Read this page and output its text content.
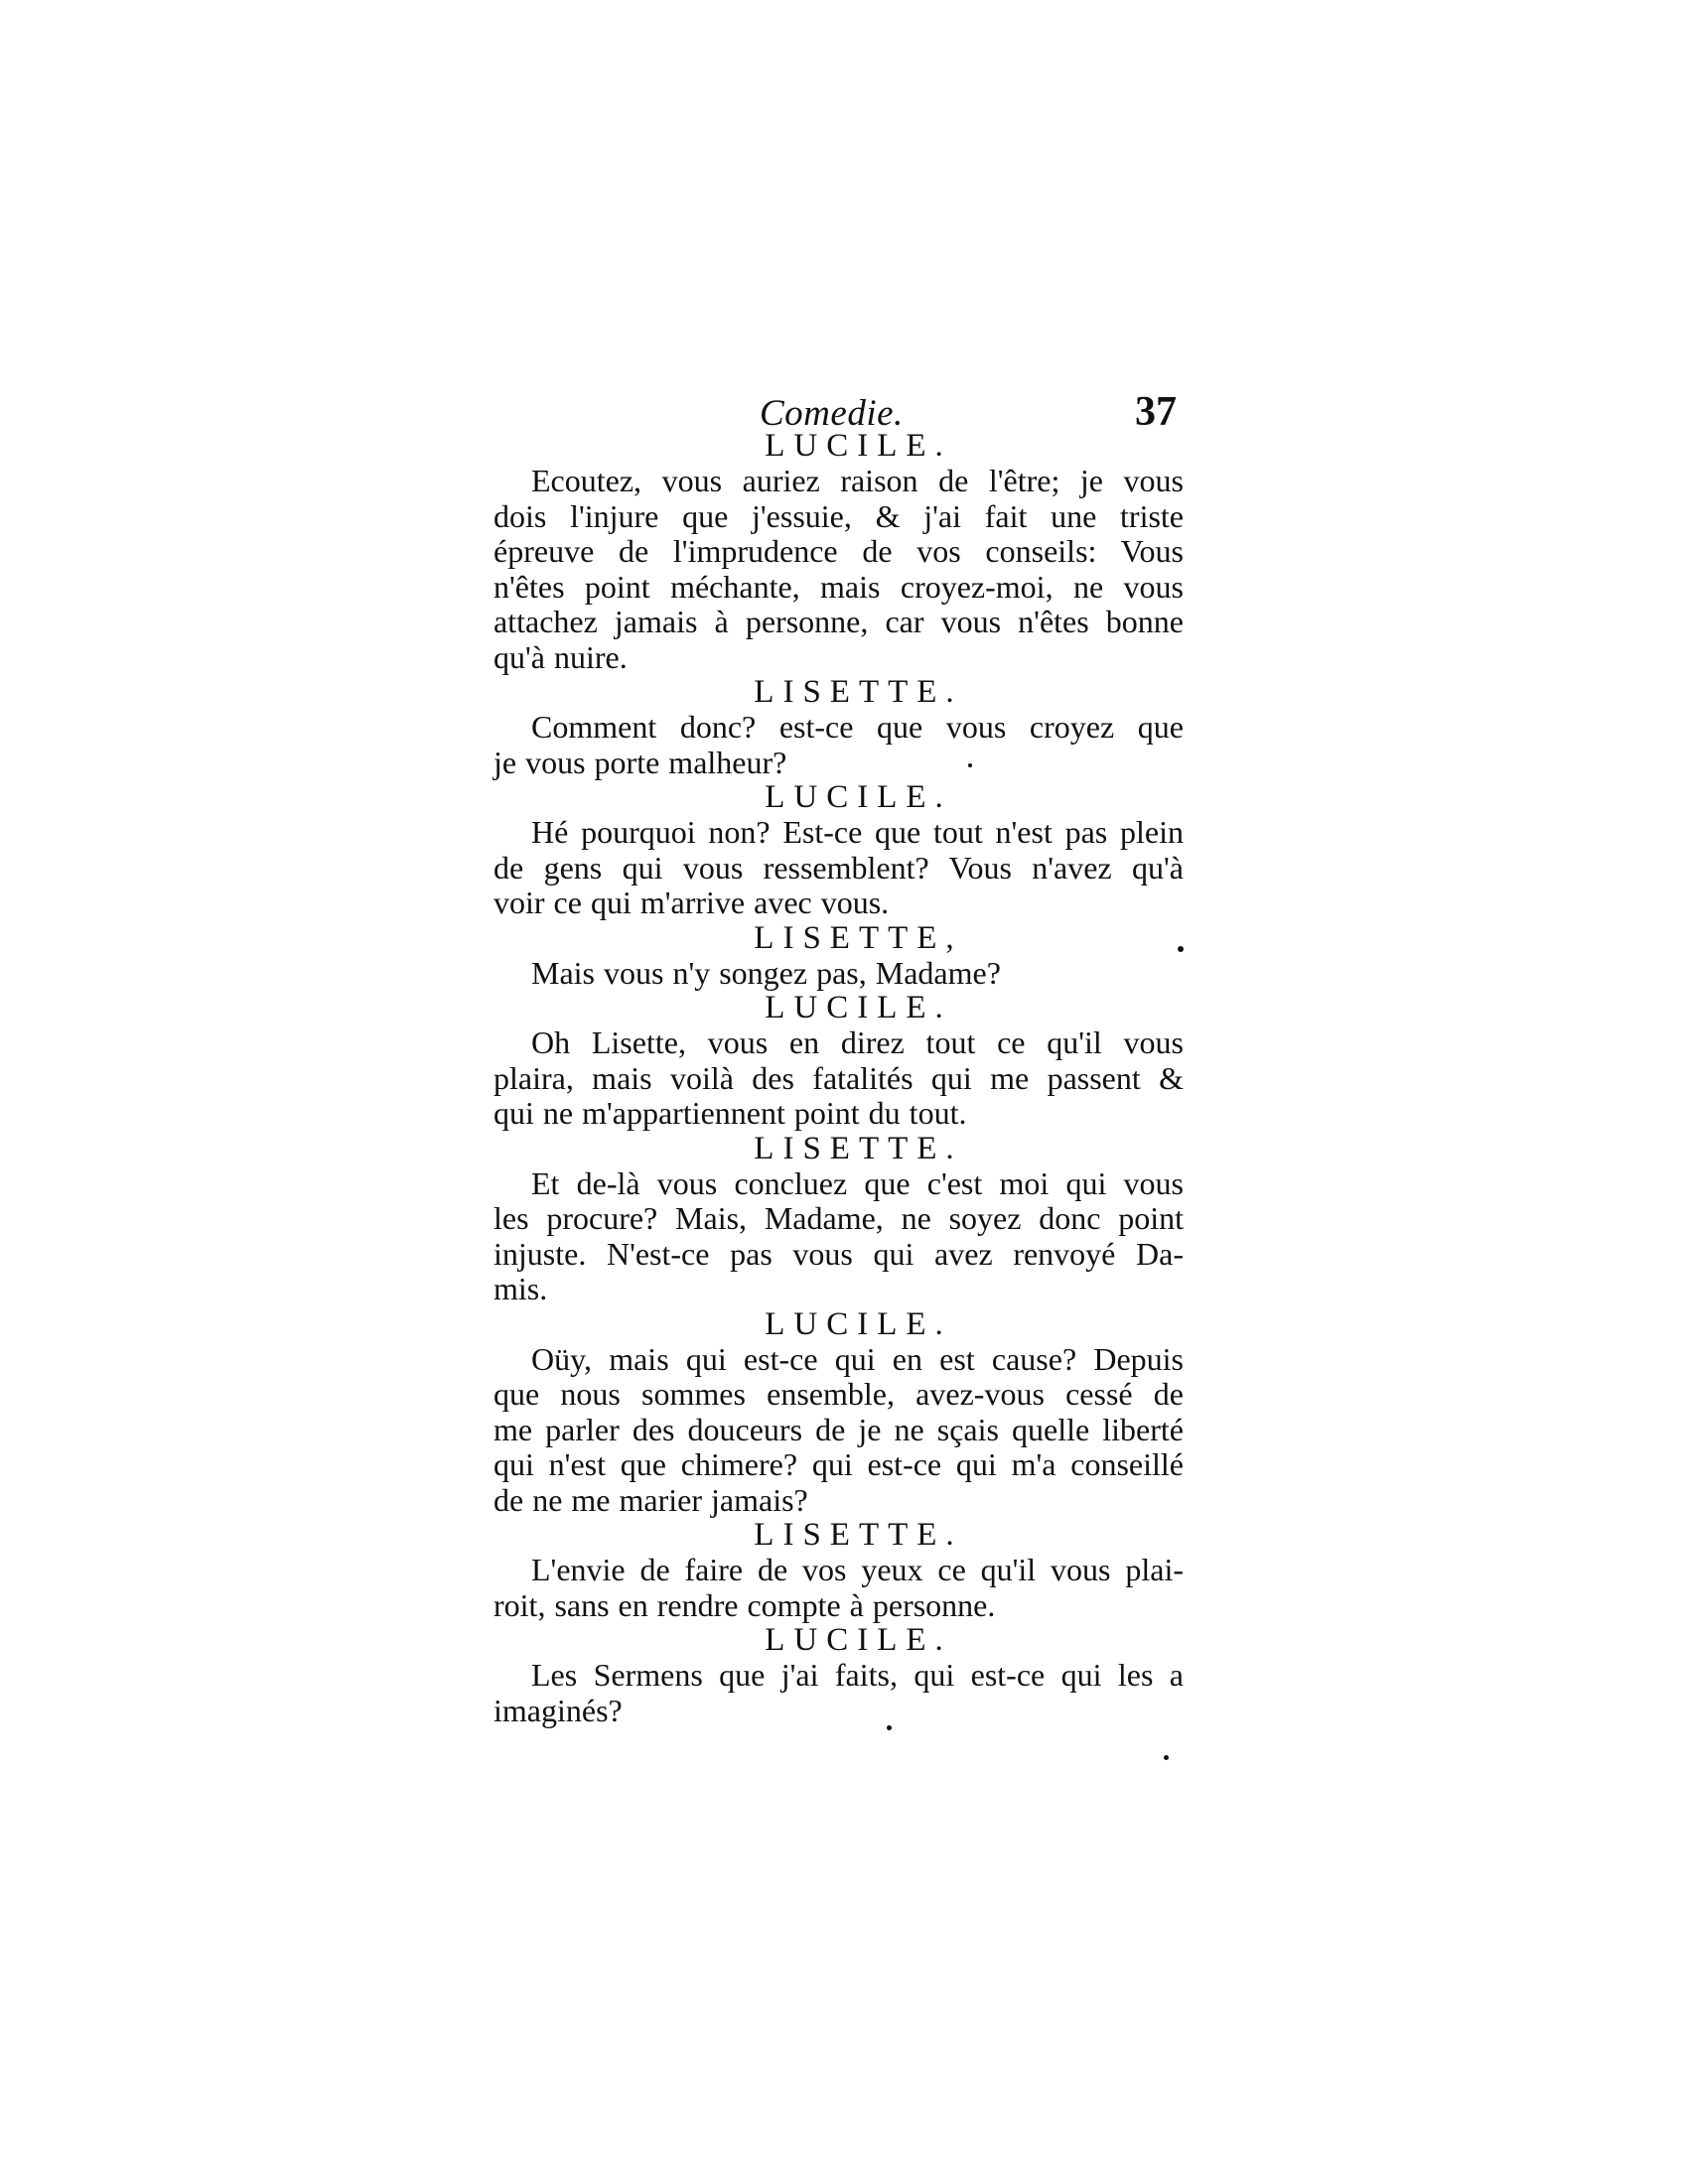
Comedie.	37

LUCILE.

Ecoutez, vous auriez raison de l'être; je vous
dois l'injure que j'essuie, & j'ai fait une triste
épreuve de l'imprudence de vos conseils: Vous
n'êtes point méchante, mais croyez-moi, ne vous
attachez jamais à personne, car vous n'êtes bonne
qu'à nuire.

LISETTE.

Comment donc? est-ce que vous croyez que
je vous porte malheur?

LUCILE.

Hé pourquoi non? Est-ce que tout n'est pas plein
de gens qui vous ressemblent? Vous n'avez qu'à
voir ce qui m'arrive avec vous.

LISETTE,

Mais vous n'y songez pas, Madame?

LUCILE.

Oh Lisette, vous en direz tout ce qu'il vous
plaira, mais voilà des fatalités qui me passent &
qui ne m'appartiennent point du tout.

LISETTE.

Et de-là vous concluez que c'est moi qui vous
les procure? Mais, Madame, ne soyez donc point
injuste. N'est-ce pas vous qui avez renvoyé Da-
mis.

LUCILE.

Oüy, mais qui est-ce qui en est cause? Depuis
que nous sommes ensemble, avez-vous cessé de
me parler des douceurs de je ne sçais quelle liberté
qui n'est que chimere? qui est-ce qui m'a conseillé
de ne me marier jamais?

LISETTE.

L'envie de faire de vos yeux ce qu'il vous plai-
roit, sans en rendre compte à personne.

LUCILE.

Les Sermens que j'ai faits, qui est-ce qui les a
imaginés?
